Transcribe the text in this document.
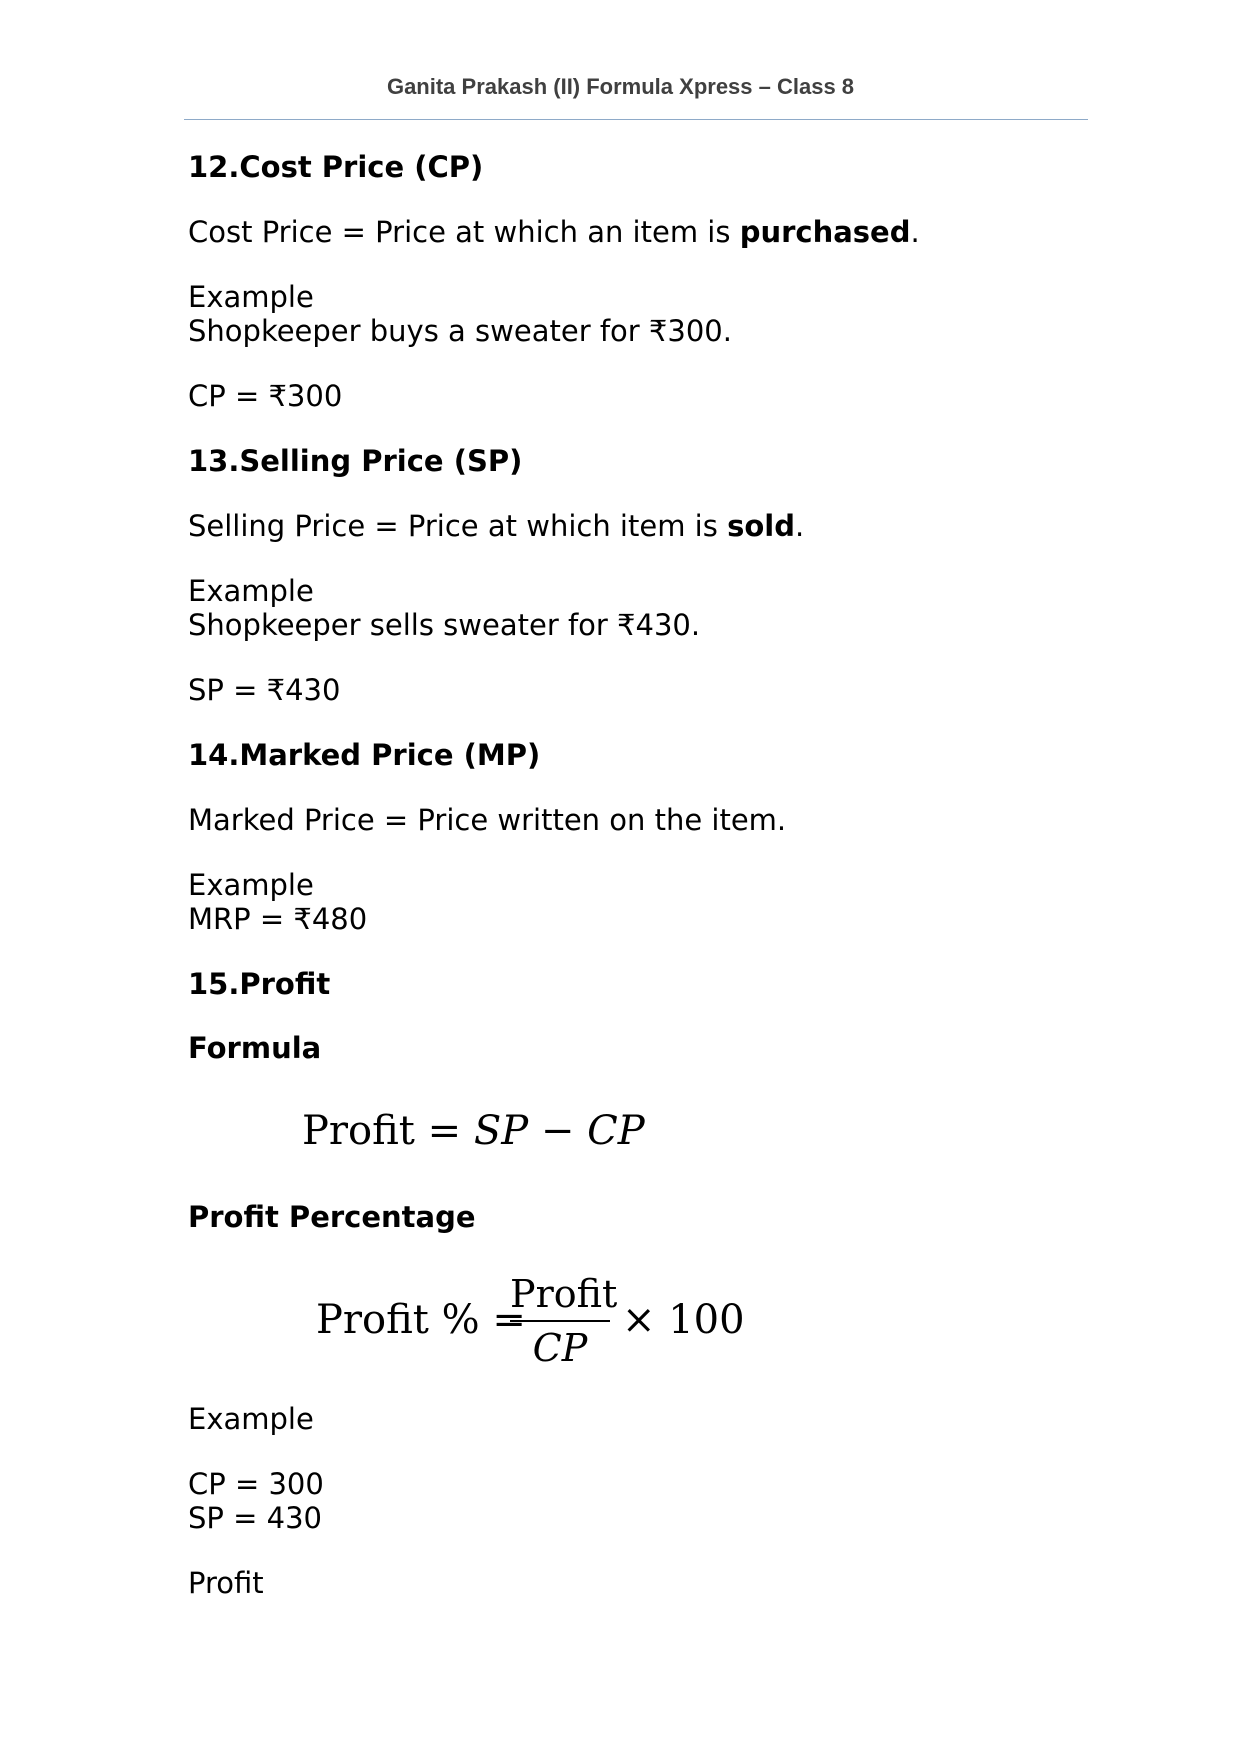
Ganita Prakash (II) Formula Xpress – Class 8
12.Cost Price (CP)
Cost Price = Price at which an item is purchased.
Example
Shopkeeper buys a sweater for ₹300.
CP = ₹300
13.Selling Price (SP)
Selling Price = Price at which item is sold.
Example
Shopkeeper sells sweater for ₹430.
SP = ₹430
14.Marked Price (MP)
Marked Price = Price written on the item.
Example
MRP = ₹480
15.Profit
Formula
Profit = SP − CP
Profit Percentage
Profit % =
Profit
CP
× 100
Example
CP = 300
SP = 430
Profit
